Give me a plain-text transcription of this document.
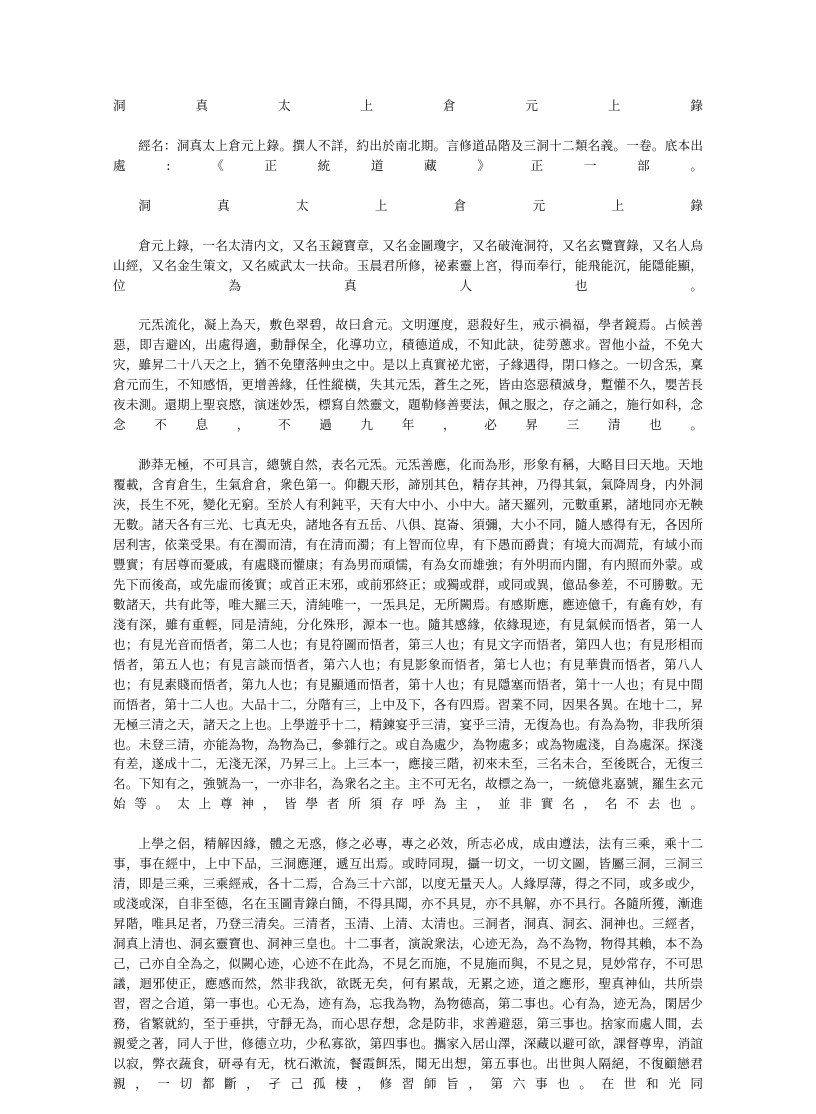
洞真太上倉元上錄

經名：洞真太上倉元上錄。撰人不詳，約出於南北期。言修道品階及三洞十二類名義。一卷。底本出處:《正統道藏》正一部。

洞真太上倉元上錄

倉元上錄，一名太清内文，又名玉鏡寶章，又名金圖瓊字，又名破淹洞符，又名玄覽寶錄，又名人烏山經，又名金生策文，又名威武太一扶命。玉晨君所修，祕素靈上宮，得而奉行，能飛能沉，能隱能顯，位為真人也。

元炁流化，凝上為天，敷色翠碧，故曰倉元。文明運度，惡殺好生，戒示禍福，學者鏡焉。占候善惡，即吉避凶，出處得適，動靜保全，化導功立，積德道成，不知此訣，徒勞蔥求。習他小益，不免大灾，雖昇二十八天之上，猶不免墮落艸虫之中。是以上真實祕尤密，子緣遇得，閉口修之。一切含炁，稟倉元而生，不知感悟，更增善緣，任性縱橫，失其元炁，蒼生之死，皆由恣惡積滅身，蹔懽不久，嬰苦長夜未測。還期上聖哀愍，演迷妙炁，標寫自然靈文，題勒修善要法，佩之服之，存之誦之，施行如科，念念不息，不過九年，必昇三清也。

渺莽无極，不可具言，總號自然，表名元炁。元炁善應，化而為形，形象有稱，大略目曰天地。天地覆載，含育倉生，生氣倉倉，衆色第一。仰觀天形，諦別其色，精存其神，乃得其氣，氣降周身，内外洞浹，長生不死，變化无窮。至於人有利鈍平，天有大中小、小中大。諸天羅列，元數重累，諸地同亦无鞅无數。諸天各有三光、七真无央，諸地各有五岳、八俱、崑崙、須彌，大小不同，隨人感得有无，各因所居利害，依業受果。有在濁而清，有在清而濁；有上智而位卑，有下愚而爵貴；有境大而凋荒，有域小而豐實；有居尊而憂戚，有處賤而懽康；有為男而頑懦，有為女而雄強；有外明而内闇，有内照而外蒙。或先下而後高，或先虛而後實；或首正末邪，或前邪終正；或獨或群，或同或異，億品參差，不可勝數。无數諸天，共有此等，唯大羅三天，清純唯一，一炁具足，无所闕焉。有感斯應，應迹億千，有麁有妙，有淺有深，雖有重輕，同是清純，分化殊形，源本一也。隨其感緣，依緣現迹，有見氣候而悟者，第一人也；有見光音而悟者，第二人也；有見符圖而悟者，第三人也；有見文字而悟者，第四人也；有見形相而悟者，第五人也；有見言談而悟者，第六人也；有見影象而悟者，第七人也；有見華貴而悟者，第八人也；有見素賤而悟者，第九人也；有見顯通而悟者，第十人也；有見隱塞而悟者，第十一人也；有見中間而悟者，第十二人也。大品十二，分階有三，上中及下，各有四焉。習業不同，因果各異。在地十二，昇无極三清之天，諸天之上也。上學遊乎十二，精鍊宴乎三清，宴乎三清，无復為也。有為為物，非我所須也。未登三清，亦能為物，為物為己，參雜行之。或自為處少，為物處多；或為物處淺，自為處深。探淺有差，遂成十二，无淺无深，乃昇三上。上三本一，應接三階，初來未至，三名未合，至後既合，无復三名。下知有之，強號為一，一亦非名，為衆名之主。主不可无名，故標之為一，一統億兆嘉號，羅生玄元始等。太上尊神，皆學者所須存呼為主，並非實名，名不去也。

上學之侶，精解因緣，體之无惑，修之必專，專之必效，所志必成，成由遵法，法有三乘，乘十二事，事在經中，上中下品，三洞應運，遞互出焉。或時同現，攝一切文，一切文圖，皆屬三洞，三洞三清，即是三乘，三乘經戒，各十二焉，合為三十六部，以度无量天人。人緣厚薄，得之不同，或多或少，或淺或深，自非至德，名在玉圖青錄白簡，不得具聞，亦不具見，亦不具解，亦不具行。各隨所獲，漸進昇階，唯具足者，乃登三清矣。三清者，玉清、上清、太清也。三洞者，洞真、洞玄、洞神也。三經者，洞真上清也、洞玄靈寶也、洞神三皇也。十二事者，演說衆法，心迹无為，為不為物，物得其賴，本不為己，己亦自全為之，似闕心迹，心迹不在此為，不見乞而施，不見施而與，不見之見，見妙常存，不可思議，迴邪使正，應感而然，然非我欲，欲既无矣，何有累哉，无累之迹，道之應形，聖真神仙，共所崇習，習之合道，第一事也。心无為，迹有為，忘我為物，為物德高，第二事也。心有為，迹无為，閑居少務，省繁就約，至于垂拱，守靜无為，而心思存想，念是防非，求善避惡，第三事也。捨家而處人間，去親愛之著，同人于世，修德立功，少私寡欲，第四事也。攜家入居山澤，深藏以避可欲，課督尊卑，消誼以寂，弊衣蔬食，研尋有无，枕石漱流，餐霞餌炁，聞无出想，第五事也。出世與人隔絕，不復顧戀君親，一切都斷，孑己孤棲，修習師旨，第六事也。在世和光同
